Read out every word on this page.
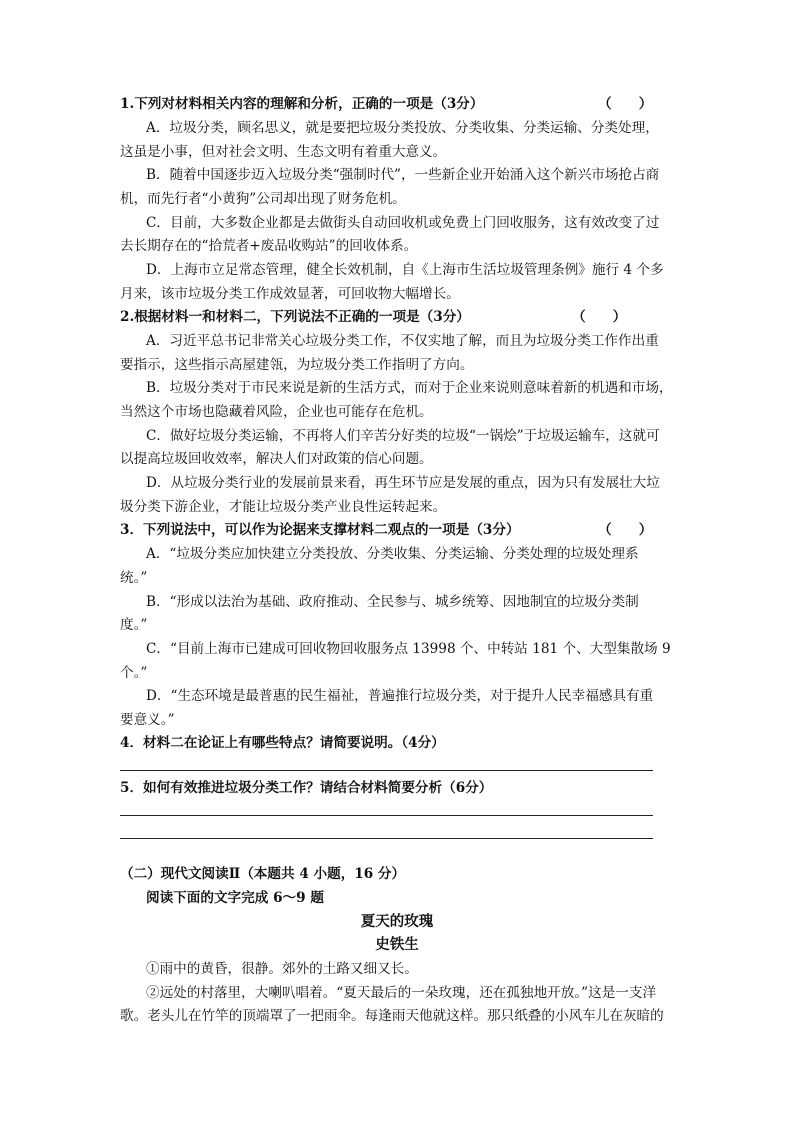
1.下列对材料相关内容的理解和分析，正确的一项是（3分）	（　　）
A．垃圾分类，顾名思义，就是要把垃圾分类投放、分类收集、分类运输、分类处理，
这虽是小事，但对社会文明、生态文明有着重大意义。
B．随着中国逐步迈入垃圾分类“强制时代”，一些新企业开始涌入这个新兴市场抢占商
机，而先行者“小黄狗”公司却出现了财务危机。
C．目前，大多数企业都是去做街头自动回收机或免费上门回收服务，这有效改变了过
去长期存在的“拾荒者+废品收购站”的回收体系。
D．上海市立足常态管理，健全长效机制，自《上海市生活垃圾管理条例》施行 4 个多
月来，该市垃圾分类工作成效显著，可回收物大幅增长。
2.根据材料一和材料二，下列说法不正确的一项是（3分）	（　　）
A．习近平总书记非常关心垃圾分类工作，不仅实地了解，而且为垃圾分类工作作出重
要指示，这些指示高屋建瓴，为垃圾分类工作指明了方向。
B．垃圾分类对于市民来说是新的生活方式，而对于企业来说则意味着新的机遇和市场，
当然这个市场也隐藏着风险，企业也可能存在危机。
C．做好垃圾分类运输，不再将人们辛苦分好类的垃圾“一锅烩”于垃圾运输车，这就可
以提高垃圾回收效率，解决人们对政策的信心问题。
D．从垃圾分类行业的发展前景来看，再生环节应是发展的重点，因为只有发展壮大垃
圾分类下游企业，才能让垃圾分类产业良性运转起来。
3．下列说法中，可以作为论据来支撑材料二观点的一项是（3分）	（　　）
A．“垃圾分类应加快建立分类投放、分类收集、分类运输、分类处理的垃圾处理系
统。”
B．“形成以法治为基础、政府推动、全民参与、城乡统筹、因地制宜的垃圾分类制
度。”
C．“目前上海市已建成可回收物回收服务点 13998 个、中转站 181 个、大型集散场 9
个。”
D．“生态环境是最普惠的民生福祉，普遍推行垃圾分类，对于提升人民幸福感具有重
要意义。”
4．材料二在论证上有哪些特点？请简要说明。（4分）
5．如何有效推进垃圾分类工作？请结合材料简要分析（6分）
（二）现代文阅读Ⅱ（本题共 4 小题，16 分）
阅读下面的文字完成 6～9 题
夏天的玫瑰
史铁生
①雨中的黄昏，很静。郊外的土路又细又长。
②远处的村落里，大喇叭唱着。“夏天最后的一朵玫瑰，还在孤独地开放。”这是一支洋
歌。老头儿在竹竿的顶端罩了一把雨伞。每逢雨天他就这样。那只纸叠的小风车儿在灰暗的
